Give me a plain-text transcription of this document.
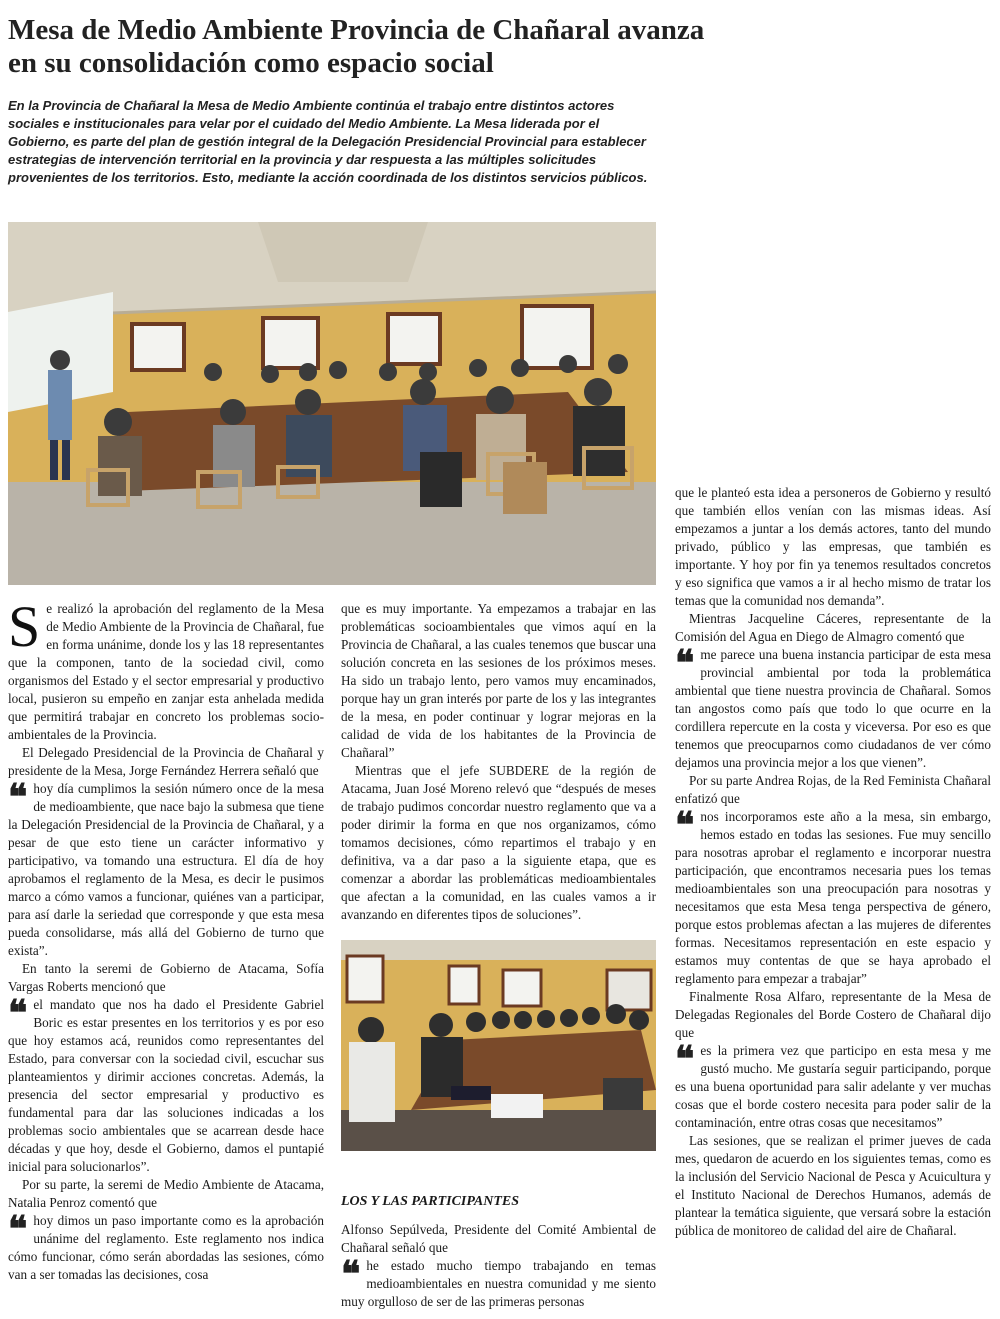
Mesa de Medio Ambiente Provincia de Chañaral avanza en su consolidación como espacio social
En la Provincia de Chañaral la Mesa de Medio Ambiente continúa el trabajo entre distintos actores sociales e institucionales para velar por el cuidado del Medio Ambiente. La Mesa liderada por el Gobierno, es parte del plan de gestión integral de la Delegación Presidencial Provincial para establecer estrategias de intervención territorial en la provincia y dar respuesta a las múltiples solicitudes provenientes de los territorios. Esto, mediante la acción coordinada de los distintos servicios públicos.

Se realizó la aprobación del reglamento de la Mesa de Medio Ambiente de la Provincia de Chañaral, fue en forma unánime, donde los y las 18 representantes que la componen, tanto de la sociedad civil, como organismos del Estado y el sector empresarial y productivo local, pusieron su empeño en zanjar esta anhelada medida que permitirá trabajar en concreto los problemas socio-ambientales de la Provincia.

El Delegado Presidencial de la Provincia de Chañaral y presidente de la Mesa, Jorge Fernández Herrera señaló que

❝ hoy día cumplimos la sesión número once de la mesa de medioambiente, que nace bajo la submesa que tiene la Delegación Presidencial de la Provincia de Chañaral, y a pesar de que esto tiene un carácter informativo y participativo, va tomando una estructura. El día de hoy aprobamos el reglamento de la Mesa, es decir le pusimos marco a cómo vamos a funcionar, quiénes van a participar, para así darle la seriedad que corresponde y que esta mesa pueda consolidarse, más allá del Gobierno de turno que exista”.

En tanto la seremi de Gobierno de Atacama, Sofía Vargas Roberts mencionó que

❝ el mandato que nos ha dado el Presidente Gabriel Boric es estar presentes en los territorios y es por eso que hoy estamos acá, reunidos como representantes del Estado, para conversar con la sociedad civil, escuchar sus planteamientos y dirimir acciones concretas. Además, la presencia del sector empresarial y productivo es fundamental para dar las soluciones indicadas a los problemas socio ambientales que se acarrean desde hace décadas y que hoy, desde el Gobierno, damos el puntapié inicial para solucionarlos”.

Por su parte, la seremi de Medio Ambiente de Atacama, Natalia Penroz comentó que

❝ hoy dimos un paso importante como es la aprobación unánime del reglamento. Este reglamento nos indica cómo funcionar, cómo serán abordadas las sesiones, cómo van a ser tomadas las decisiones, cosa

que es muy importante. Ya empezamos a trabajar en las problemáticas socioambientales que vimos aquí en la Provincia de Chañaral, a las cuales tenemos que buscar una solución concreta en las sesiones de los próximos meses. Ha sido un trabajo lento, pero vamos muy encaminados, porque hay un gran interés por parte de los y las integrantes de la mesa, en poder continuar y lograr mejoras en la calidad de vida de los habitantes de la Provincia de Chañaral”

Mientras que el jefe SUBDERE de la región de Atacama, Juan José Moreno relevó que “después de meses de trabajo pudimos concordar nuestro reglamento que va a poder dirimir la forma en que nos organizamos, cómo tomamos decisiones, cómo repartimos el trabajo y en definitiva, va a dar paso a la siguiente etapa, que es comenzar a abordar las problemáticas medioambientales que afectan a la comunidad, en las cuales vamos a ir avanzando en diferentes tipos de soluciones”.

LOS Y LAS PARTICIPANTES

Alfonso Sepúlveda, Presidente del Comité Ambiental de Chañaral señaló que

❝ he estado mucho tiempo trabajando en temas medioambientales en nuestra comunidad y me siento muy orgulloso de ser de las primeras personas

que le planteó esta idea a personeros de Gobierno y resultó que también ellos venían con las mismas ideas. Así empezamos a juntar a los demás actores, tanto del mundo privado, público y las empresas, que también es importante. Y hoy por fin ya tenemos resultados concretos y eso significa que vamos a ir al hecho mismo de tratar los temas que la comunidad nos demanda”.

Mientras Jacqueline Cáceres, representante de la Comisión del Agua en Diego de Almagro comentó que

❝ me parece una buena instancia participar de esta mesa provincial ambiental por toda la problemática ambiental que tiene nuestra provincia de Chañaral. Somos tan angostos como país que todo lo que ocurre en la cordillera repercute en la costa y viceversa. Por eso es que tenemos que preocuparnos como ciudadanos de ver cómo dejamos una provincia mejor a los que vienen”.

Por su parte Andrea Rojas, de la Red Feminista Chañaral enfatizó que

❝ nos incorporamos este año a la mesa, sin embargo, hemos estado en todas las sesiones. Fue muy sencillo para nosotras aprobar el reglamento e incorporar nuestra participación, que encontramos necesaria pues los temas medioambientales son una preocupación para nosotras y necesitamos que esta Mesa tenga perspectiva de género, porque estos problemas afectan a las mujeres de diferentes formas. Necesitamos representación en este espacio y estamos muy contentas de que se haya aprobado el reglamento para empezar a trabajar”

Finalmente Rosa Alfaro, representante de la Mesa de Delegadas Regionales del Borde Costero de Chañaral dijo que

❝ es la primera vez que participo en esta mesa y me gustó mucho. Me gustaría seguir participando, porque es una buena oportunidad para salir adelante y ver muchas cosas que el borde costero necesita para poder salir de la contaminación, entre otras cosas que necesitamos”

Las sesiones, que se realizan el primer jueves de cada mes, quedaron de acuerdo en los siguientes temas, como es la inclusión del Servicio Nacional de Pesca y Acuicultura y el Instituto Nacional de Derechos Humanos, además de plantear la temática siguiente, que versará sobre la estación pública de monitoreo de calidad del aire de Chañaral.
